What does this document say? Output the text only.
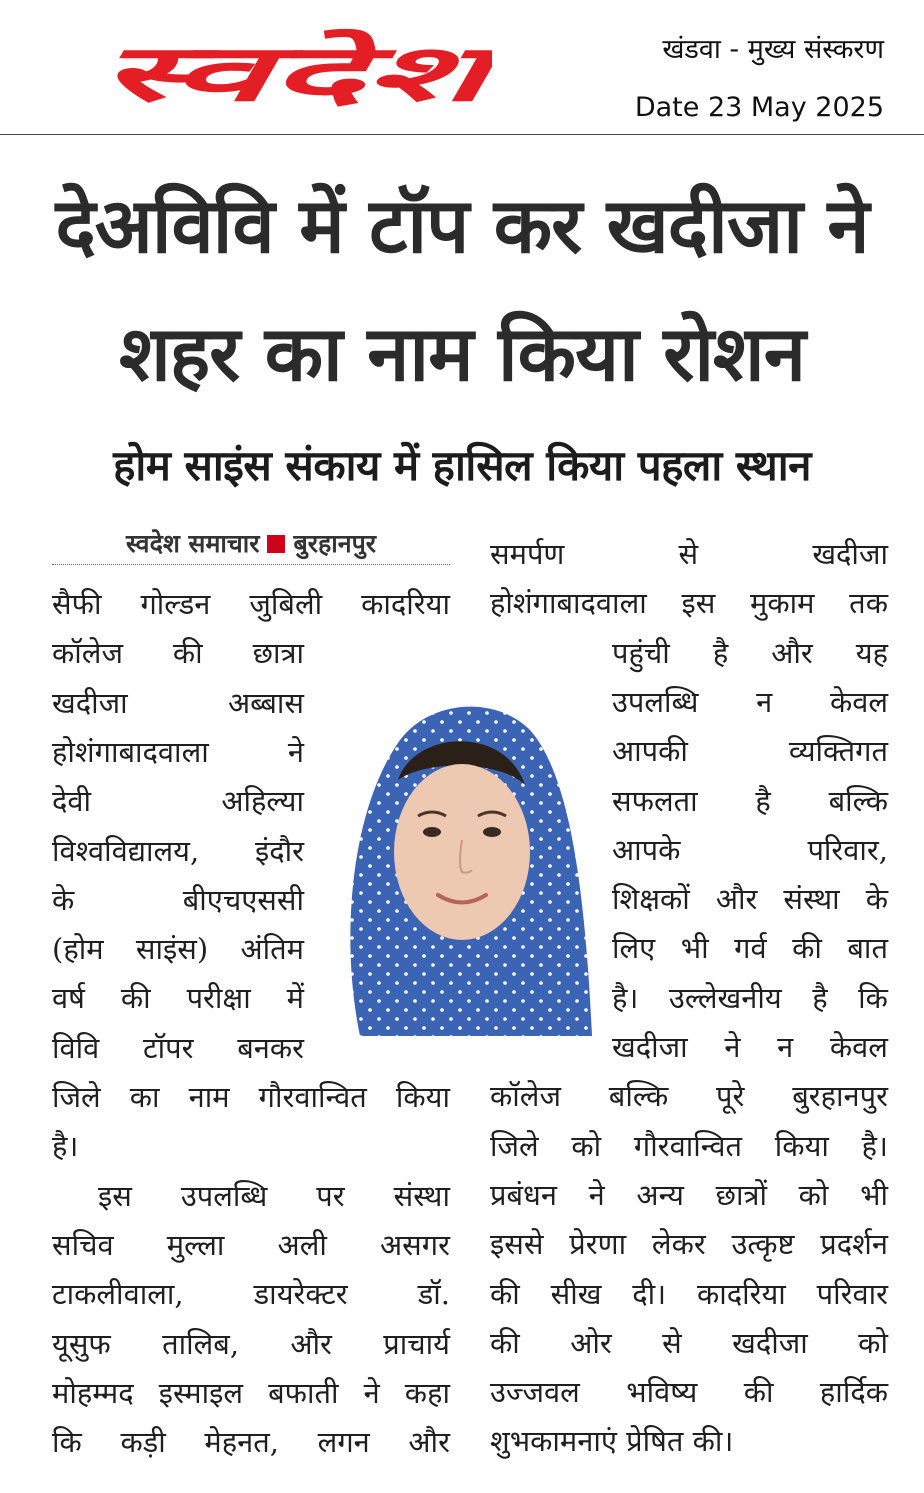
स्वदेश	खंडवा - मुख्य संस्करण
Date 23 May 2025
देअविवि में टॉप कर खदीजा ने
शहर का नाम किया रोशन
होम साइंस संकाय में हासिल किया पहला स्थान
स्वदेश समाचार बुरहानपुर
सैफी गोल्डन जुबिली कादरिया
कॉलेज की छात्रा
खदीजा	अब्बास
होशंगाबादवाला	ने
देवी	अहिल्या
विश्वविद्यालय, इंदौर
के	बीएचएससी
(होम साइंस) अंतिम
वर्ष की परीक्षा में
विवि टॉपर बनकर
जिले का नाम गौरवान्वित किया
है।
इस उपलब्धि पर संस्था
सचिव मुल्ला अली असगर
टाकलीवाला, डायरेक्टर डॉ.
यूसुफ तालिब, और प्राचार्य
मोहम्मद इस्माइल बफाती ने कहा
कि कड़ी मेहनत, लगन और
समर्पण	से	खदीजा
होशंगाबादवाला इस मुकाम तक
पहुंची है और यह
उपलब्धि न केवल
आपकी	व्यक्तिगत
सफलता है बल्कि
आपके	परिवार,
शिक्षकों और संस्था के
लिए भी गर्व की बात
है। उल्लेखनीय है कि
खदीजा ने न केवल
कॉलेज बल्कि पूरे बुरहानपुर
जिले को गौरवान्वित किया है।
प्रबंधन ने अन्य छात्रों को भी
इससे प्रेरणा लेकर उत्कृष्ट प्रदर्शन
की सीख दी। कादरिया परिवार
की ओर से खदीजा को
उज्जवल भविष्य की हार्दिक
शुभकामनाएं प्रेषित की।
